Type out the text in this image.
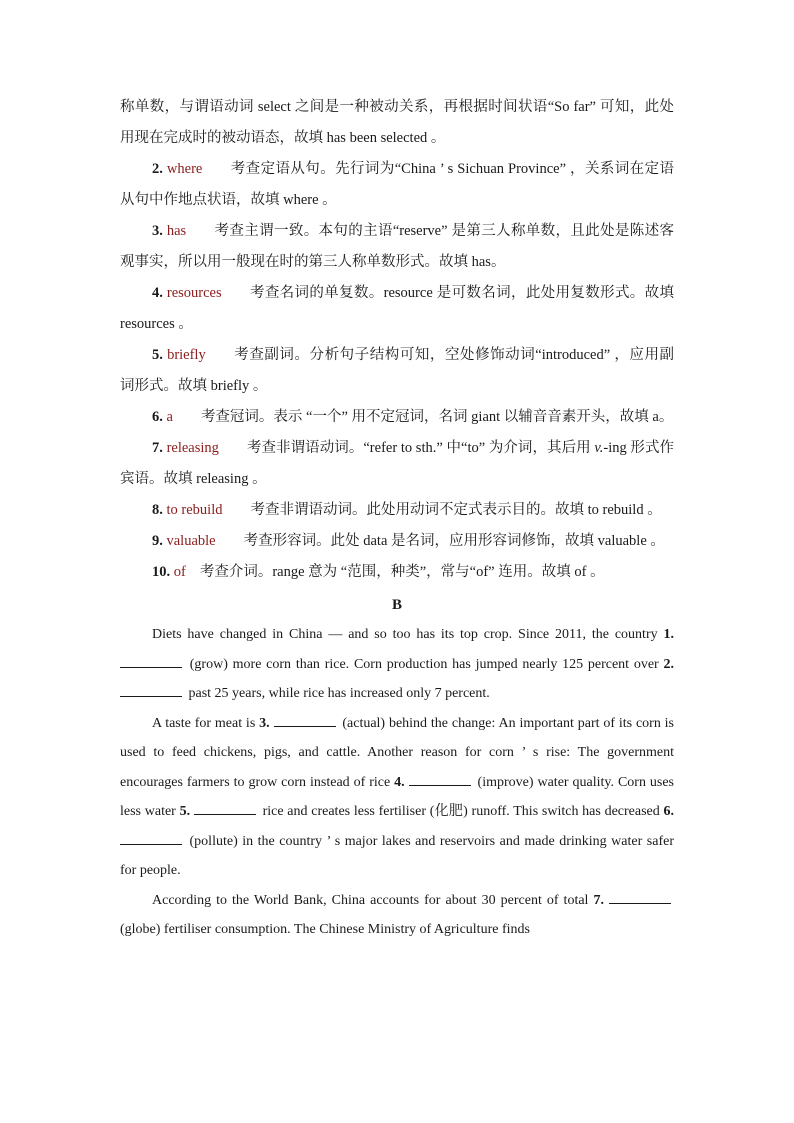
称单数，与谓语动词 select 之间是一种被动关系，再根据时间状语“So far” 可知，此处用现在完成时的被动语态，故填 has been selected 。

2. where 考查定语从句。先行词为“China ’ s Sichuan Province” ，关系词在定语从句中作地点状语，故填 where 。

3. has 考查主谓一致。本句的主语“reserve” 是第三人称单数，且此处是陈述客观事实，所以用一般现在时的第三人称单数形式。故填 has。

4. resources 考查名词的单复数。resource 是可数名词，此处用复数形式。故填 resources 。

5. briefly 考查副词。分析句子结构可知，空处修饰动词“introduced” ，应用副词形式。故填 briefly 。

6. a 考查冠词。表示 “一个” 用不定冠词，名词 giant 以辅音音素开头，故填 a。

7. releasing 考查非谓语动词。“refer to sth.” 中“to” 为介词，其后用 v.-ing 形式作宾语。故填 releasing 。

8. to rebuild 考查非谓语动词。此处用动词不定式表示目的。故填 to rebuild 。

9. valuable 考查形容词。此处 data 是名词，应用形容词修饰，故填 valuable 。

10. of 考查介词。range 意为 “范围，种类”，常与“of” 连用。故填 of 。

B

Diets have changed in China — and so too has its top crop. Since 2011, the country 1.  (grow) more corn than rice. Corn production has jumped nearly 125 percent over 2.  past 25 years, while rice has increased only 7 percent.

A taste for meat is 3.	(actual) behind the change: An important part of its corn is used to feed chickens, pigs, and cattle. Another reason for corn ’ s rise: The government encourages farmers to grow corn instead of rice 4.	(improve) water quality. Corn uses less water 5.	rice and creates less fertiliser (化肥) runoff. This switch has decreased 6.  (pollute) in the country ’ s major lakes and reservoirs and made drinking water safer for people.

According to the World Bank, China accounts for about 30 percent of total 7.  (globe) fertiliser consumption. The Chinese Ministry of Agriculture finds
